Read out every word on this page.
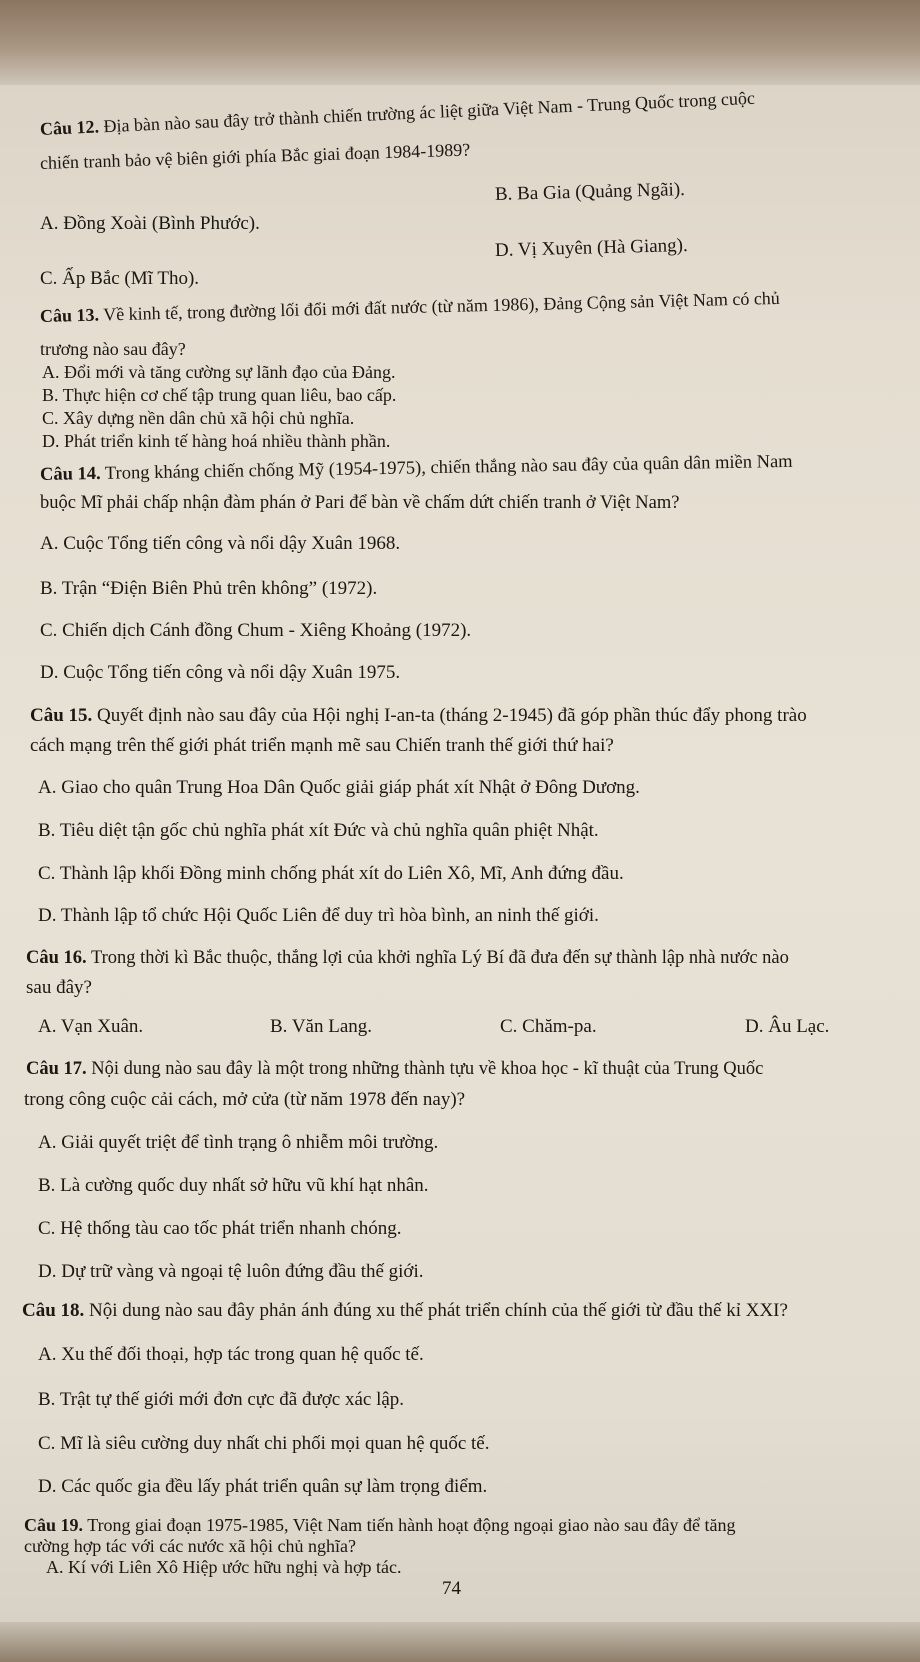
Câu 12. Địa bàn nào sau đây trở thành chiến trường ác liệt giữa Việt Nam - Trung Quốc trong cuộc
chiến tranh bảo vệ biên giới phía Bắc giai đoạn 1984-1989?
A. Đồng Xoài (Bình Phước).
B. Ba Gia (Quảng Ngãi).
C. Ấp Bắc (Mĩ Tho).
D. Vị Xuyên (Hà Giang).
Câu 13. Về kinh tế, trong đường lối đổi mới đất nước (từ năm 1986), Đảng Cộng sản Việt Nam có chủ
trương nào sau đây?
A. Đổi mới và tăng cường sự lãnh đạo của Đảng.
B. Thực hiện cơ chế tập trung quan liêu, bao cấp.
C. Xây dựng nền dân chủ xã hội chủ nghĩa.
D. Phát triển kinh tế hàng hoá nhiều thành phần.
Câu 14. Trong kháng chiến chống Mỹ (1954-1975), chiến thắng nào sau đây của quân dân miền Nam
buộc Mĩ phải chấp nhận đàm phán ở Pari để bàn về chấm dứt chiến tranh ở Việt Nam?
A. Cuộc Tổng tiến công và nổi dậy Xuân 1968.
B. Trận “Điện Biên Phủ trên không” (1972).
C. Chiến dịch Cánh đồng Chum - Xiêng Khoảng (1972).
D. Cuộc Tổng tiến công và nổi dậy Xuân 1975.
Câu 15. Quyết định nào sau đây của Hội nghị I-an-ta (tháng 2-1945) đã góp phần thúc đẩy phong trào
cách mạng trên thế giới phát triển mạnh mẽ sau Chiến tranh thế giới thứ hai?
A. Giao cho quân Trung Hoa Dân Quốc giải giáp phát xít Nhật ở Đông Dương.
B. Tiêu diệt tận gốc chủ nghĩa phát xít Đức và chủ nghĩa quân phiệt Nhật.
C. Thành lập khối Đồng minh chống phát xít do Liên Xô, Mĩ, Anh đứng đầu.
D. Thành lập tổ chức Hội Quốc Liên để duy trì hòa bình, an ninh thế giới.
Câu 16. Trong thời kì Bắc thuộc, thắng lợi của khởi nghĩa Lý Bí đã đưa đến sự thành lập nhà nước nào
sau đây?
A. Vạn Xuân.	B. Văn Lang.	C. Chăm-pa.	D. Âu Lạc.
Câu 17. Nội dung nào sau đây là một trong những thành tựu về khoa học - kĩ thuật của Trung Quốc
trong công cuộc cải cách, mở cửa (từ năm 1978 đến nay)?
A. Giải quyết triệt để tình trạng ô nhiễm môi trường.
B. Là cường quốc duy nhất sở hữu vũ khí hạt nhân.
C. Hệ thống tàu cao tốc phát triển nhanh chóng.
D. Dự trữ vàng và ngoại tệ luôn đứng đầu thế giới.
Câu 18. Nội dung nào sau đây phản ánh đúng xu thế phát triển chính của thế giới từ đầu thế kỉ XXI?
A. Xu thế đối thoại, hợp tác trong quan hệ quốc tế.
B. Trật tự thế giới mới đơn cực đã được xác lập.
C. Mĩ là siêu cường duy nhất chi phối mọi quan hệ quốc tế.
D. Các quốc gia đều lấy phát triển quân sự làm trọng điểm.
Câu 19. Trong giai đoạn 1975-1985, Việt Nam tiến hành hoạt động ngoại giao nào sau đây để tăng
cường hợp tác với các nước xã hội chủ nghĩa?
A. Kí với Liên Xô Hiệp ước hữu nghị và hợp tác.
74
